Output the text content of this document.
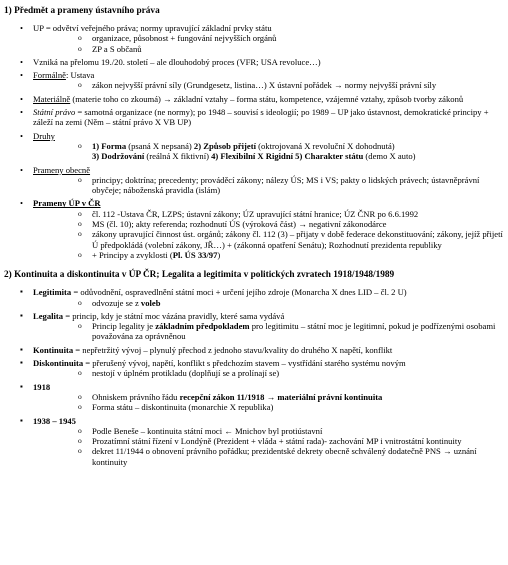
1) Předmět a prameny ústavního práva
• UP = odvětví veřejného práva; normy upravující základní prvky státu
o organizace, působnost + fungování nejvyšších orgánů
o ZP a S občanů
• Vzniká na přelomu 19./20. století – ale dlouhodobý proces (VFR; USA revoluce…)
• Formálně: Ustava
o zákon nejvyšší právní síly (Grundgesetz, listina…) X ústavní pořádek → normy nejvyšší právní síly
• Materiálně (materie toho co zkoumá) → základní vztahy – forma státu, kompetence, vzájemné vztahy, způsob tvorby zákonů
• Státní právo = samotná organizace (ne normy); po 1948 – souvisí s ideologií; po 1989 – UP jako ústavnost, demokratické principy + záleží na zemi (Něm – státní právo X VB UP)
• Druhy
o 1) Forma (psaná X nepsaná) 2) Způsob přijetí (oktrojovaná X revoluční X dohodnutá)
3) Dodržování (reálná X fiktivní) 4) Flexibilní X Rigidní 5) Charakter státu (demo X auto)
• Prameny obecně
o principy; doktrína; precedenty; prováděcí zákony; nálezy ÚS; MS i VS; pakty o lidských právech; ústavněprávní obyčeje; náboženská pravidla (islám)
• Prameny ÚP v ČR
o čl. 112 -Ustava ČR, LZPS; ústavní zákony; ÚZ upravující státní hranice; ÚZ ČNR po 6.6.1992
o MS (čl. 10); akty referenda; rozhodnutí ÚS (výroková část) → negativní zákonodárce
o zákony upravující činnost úst. orgánů; zákony čl. 112 (3) – přijaty v době federace dekonstituování; zákony, jejíž přijetí Ú předpokládá (volební zákony, JŘ…) + (zákonná opatření Senátu); Rozhodnutí prezidenta republiky
o + Principy a zvyklosti (Pl. ÚS 33/97)
2) Kontinuita a diskontinuita v ÚP ČR; Legalita a legitimita v politických zvratech 1918/1948/1989
▪ Legitimita = odůvodnění, ospravedlnění státní moci + určení jejího zdroje (Monarcha X dnes LID – čl. 2 U)
o odvozuje se z voleb
▪ Legalita = princip, kdy je státní moc vázána pravidly, které sama vydává
o Princip legality je základním předpokladem pro legitimitu – státní moc je legitimní, pokud je podřízenými osobami považována za oprávněnou
▪ Kontinuita = nepřetržitý vývoj – plynulý přechod z jednoho stavu/kvality do druhého X napětí, konflikt
▪ Diskontinuita = přerušený vývoj, napětí, konflikt s předchozím stavem – vystřídání starého systému novým
o nestojí v úplném protikladu (doplňují se a prolínají se)
▪ 1918
o Ohniskem právního řádu recepční zákon 11/1918 → materiální právní kontinuita
o Forma státu – diskontinuita (monarchie X republika)
▪ 1938 – 1945
o Podle Beneše – kontinuita státní moci ← Mnichov byl protiústavní
o Prozatímní státní řízení v Londýně (Prezident + vláda + státní rada)- zachování MP i vnitrostátní kontinuity
o dekret 11/1944 o obnovení právního pořádku; prezidentské dekrety obecně schválený dodatečně PNS → uznání kontinuity
